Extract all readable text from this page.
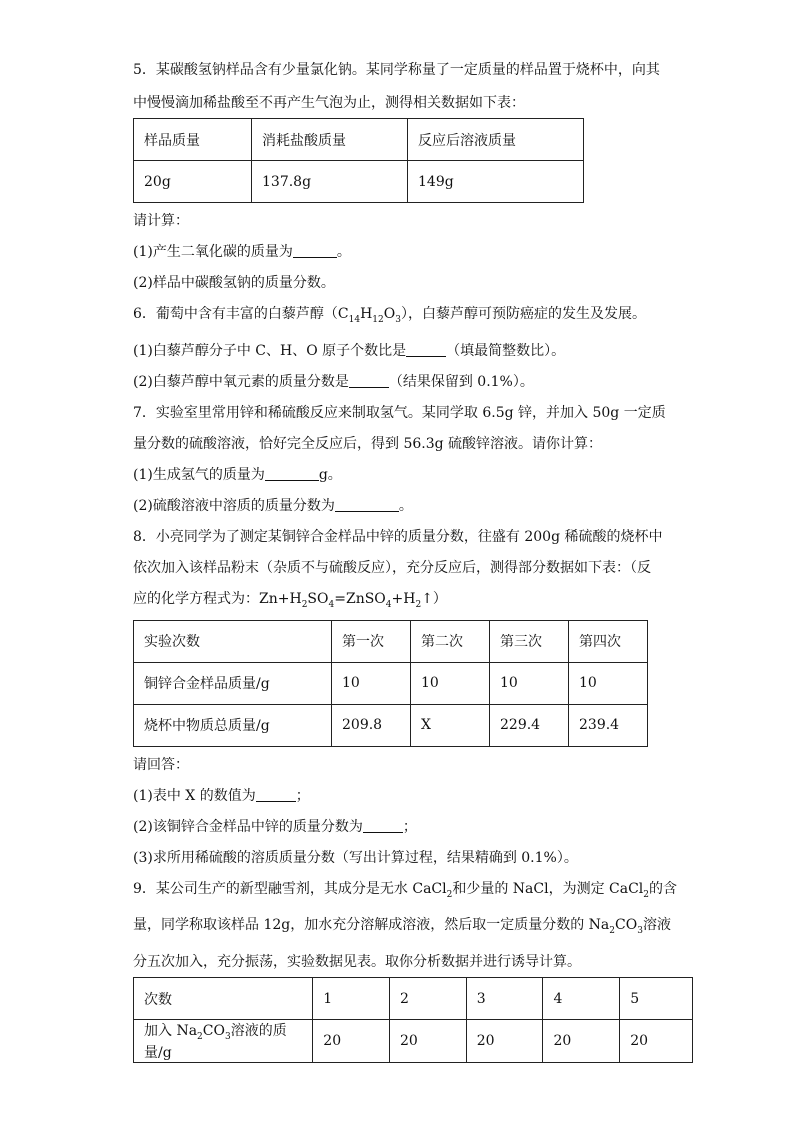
5．某碳酸氢钠样品含有少量氯化钠。某同学称量了一定质量的样品置于烧杯中，向其

中慢慢滴加稀盐酸至不再产生气泡为止，测得相关数据如下表：

样品质量	消耗盐酸质量	反应后溶液质量
20g	137.8g	149g

请计算：

(1)产生二氧化碳的质量为	。

(2)样品中碳酸氢钠的质量分数。

6．葡萄中含有丰富的白藜芦醇$(C_{14}H_{12}O_3)$，白藜芦醇可预防癌症的发生及发展。

(1)白藜芦醇分子中 C、H、O 原子个数比是	（填最简整数比）。

(2)白藜芦醇中氧元素的质量分数是	（结果保留到 0.1%）。

7．实验室里常用锌和稀硫酸反应来制取氢气。某同学取 6.5g 锌，并加入 50g 一定质

量分数的硫酸溶液，恰好完全反应后，得到 56.3g 硫酸锌溶液。请你计算：

(1)生成氢气的质量为	g。

(2)硫酸溶液中溶质的质量分数为	。

8．小亮同学为了测定某铜锌合金样品中锌的质量分数，往盛有 200g 稀硫酸的烧杯中

依次加入该样品粉末（杂质不与硫酸反应），充分反应后，测得部分数据如下表：（反

应的化学方程式为：$Zn+H_2SO_4=ZnSO_4+H_2↑$）

实验次数	第一次	第二次	第三次	第四次
铜锌合金样品质量/g	10	10	10	10
烧杯中物质总质量/g	209.8	X	229.4	239.4

请回答：

(1)表中 X 的数值为	；

(2)该铜锌合金样品中锌的质量分数为	；

(3)求所用稀硫酸的溶质质量分数（写出计算过程，结果精确到 0.1%）。

9．某公司生产的新型融雪剂，其成分是无水 CaCl$_2$和少量的 NaCl，为测定 CaCl$_2$的含

量，同学称取该样品 12g，加水充分溶解成溶液，然后取一定质量分数的 $Na_2CO_3$溶液

分五次加入，充分振荡，实验数据见表。取你分析数据并进行诱导计算。

次数	1	2	3	4	5
加入 $Na_2CO_3$溶液的质量/g	20	20	20	20	20
